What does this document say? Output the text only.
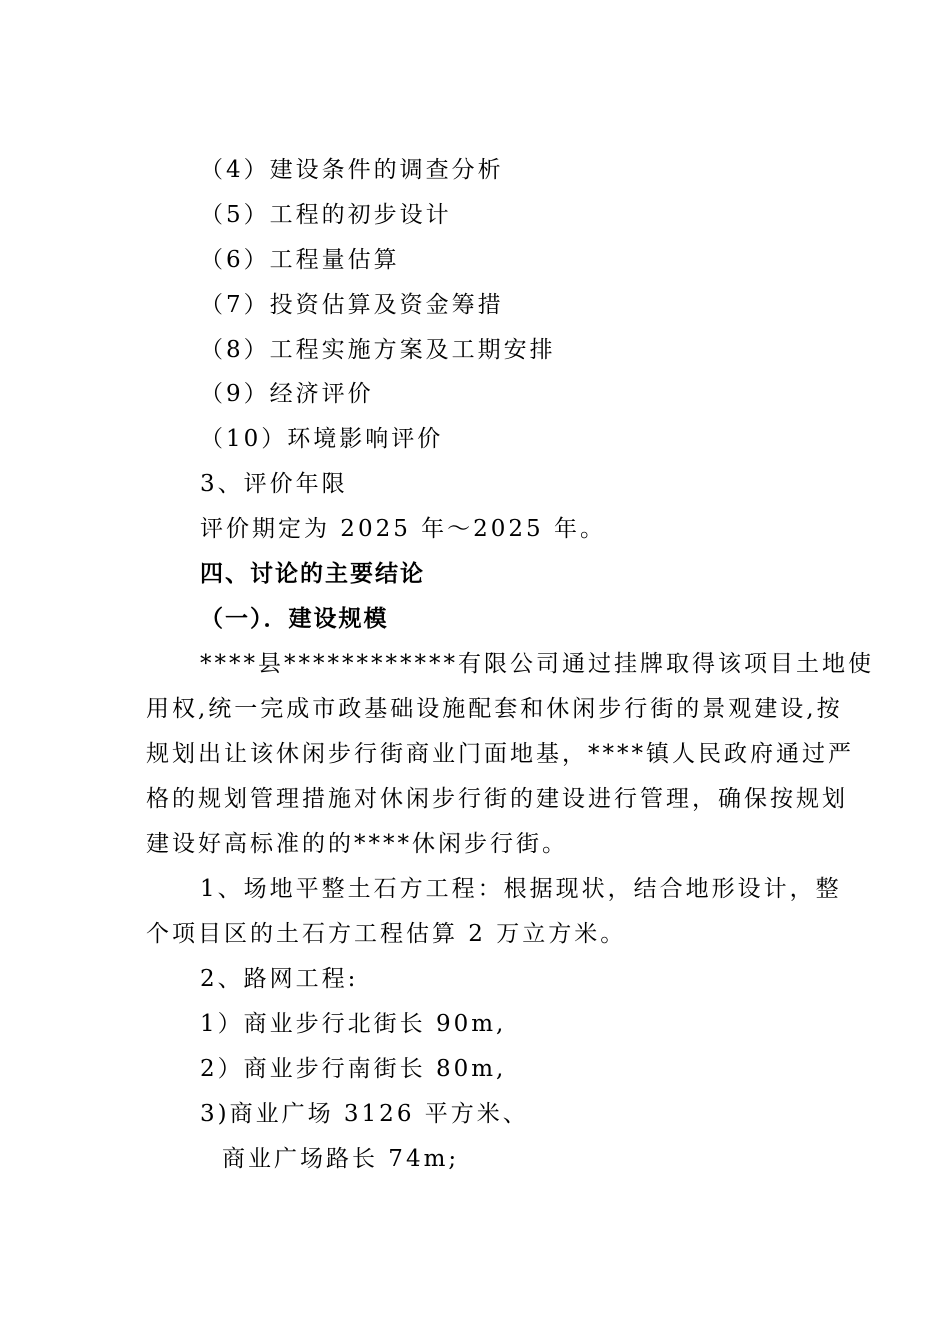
（4）建设条件的调查分析
（5）工程的初步设计
（6）工程量估算
（7）投资估算及资金筹措
（8）工程实施方案及工期安排
（9）经济评价
（10）环境影响评价
3、评价年限
评价期定为 2025 年～2025 年。
四、讨论的主要结论
（一）．建设规模
****县************有限公司通过挂牌取得该项目土地使
用权,统一完成市政基础设施配套和休闲步行街的景观建设,按
规划出让该休闲步行街商业门面地基，****镇人民政府通过严
格的规划管理措施对休闲步行街的建设进行管理，确保按规划
建设好高标准的的****休闲步行街。
1、场地平整土石方工程：根据现状，结合地形设计，整
个项目区的土石方工程估算 2 万立方米。
2、路网工程:
1）商业步行北街长 90m,
2）商业步行南街长 80m,
3)商业广场 3126 平方米、
商业广场路长 74m;
